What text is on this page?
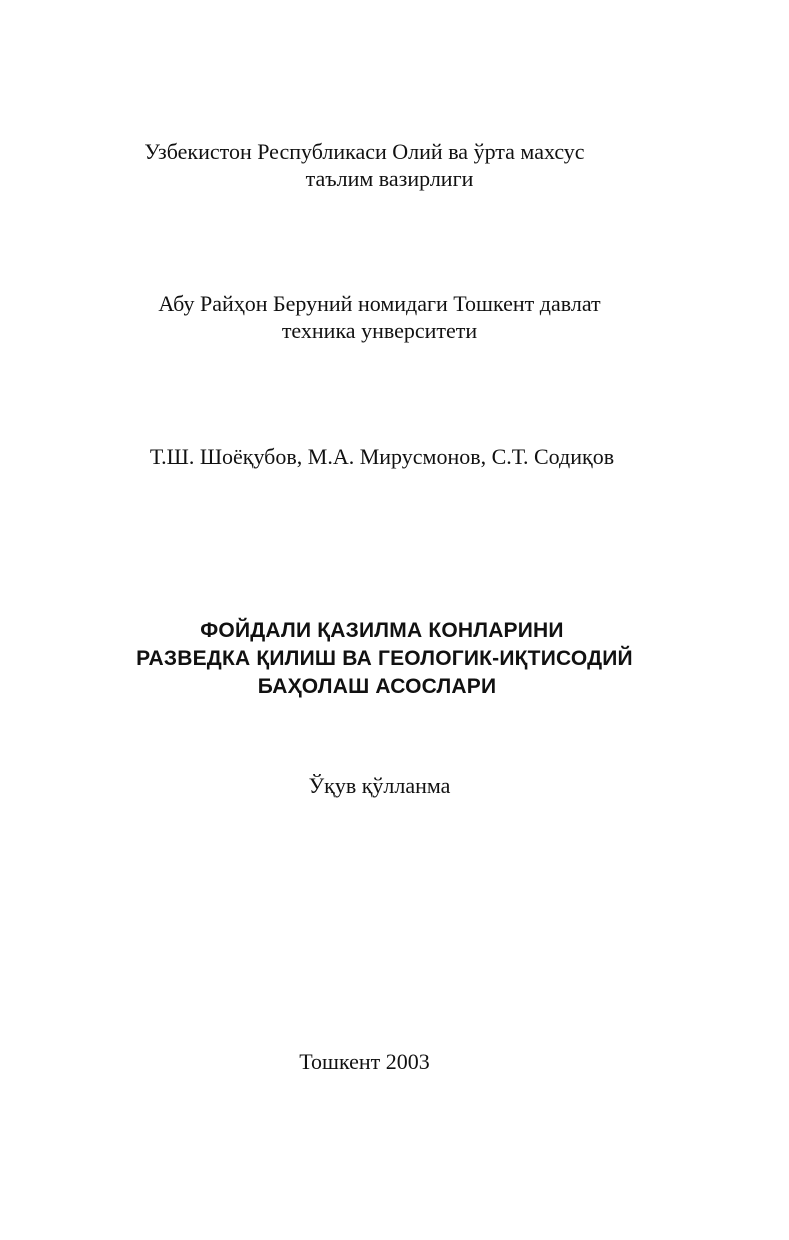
Узбекистон Республикаси Олий ва ўрта махсус
таълим вазирлиги
Абу Райҳон Беруний номидаги Тошкент давлат
техника унверситети
Т.Ш. Шоёқубов, М.А. Мирусмонов, С.Т. Содиқов
ФОЙДАЛИ ҚАЗИЛМА КОНЛАРИНИ
РАЗВЕДКА ҚИЛИШ ВА ГЕОЛОГИК-ИҚТИСОДИЙ
БАҲОЛАШ АСОСЛАРИ
Ўқув қўлланма
Тошкент 2003
